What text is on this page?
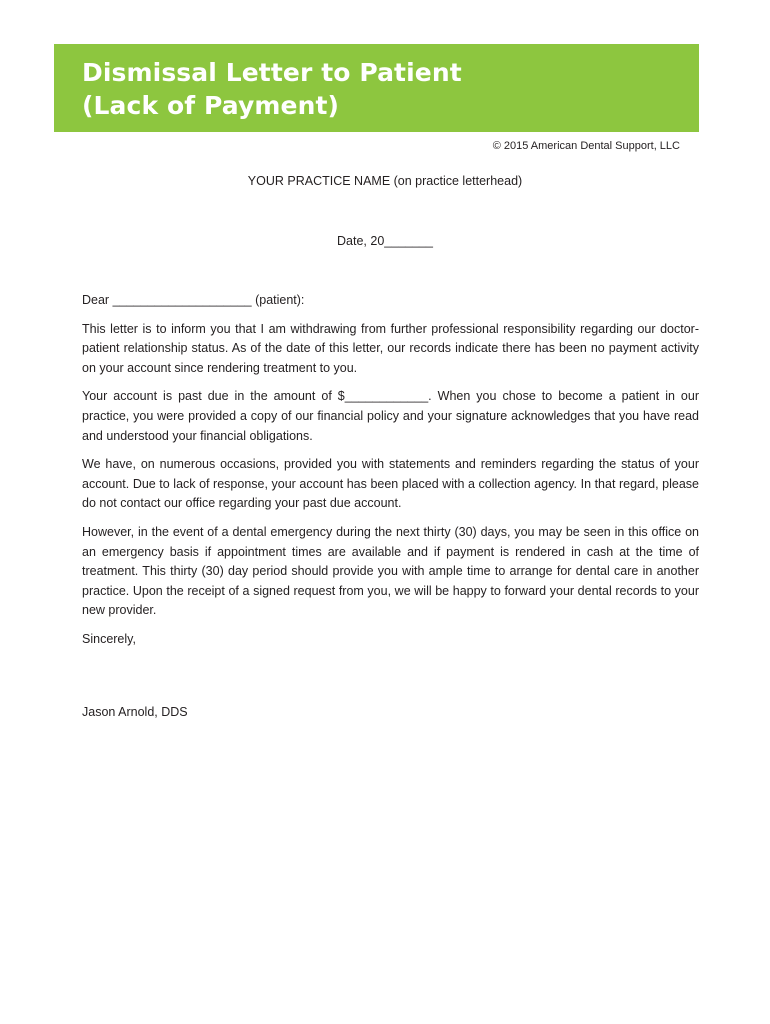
Dismissal Letter to Patient
(Lack of Payment)
© 2015 American Dental Support, LLC
YOUR PRACTICE NAME (on practice letterhead)
Date, 20_______

Dear ____________________ (patient):

This letter is to inform you that I am withdrawing from further professional responsibility regarding our doctor-patient relationship status. As of the date of this letter, our records indicate there has been no payment activity on your account since rendering treatment to you.

Your account is past due in the amount of $____________. When you chose to become a patient in our practice, you were provided a copy of our financial policy and your signature acknowledges that you have read and understood your financial obligations.

We have, on numerous occasions, provided you with statements and reminders regarding the status of your account. Due to lack of response, your account has been placed with a collection agency. In that regard, please do not contact our office regarding your past due account.

However, in the event of a dental emergency during the next thirty (30) days, you may be seen in this office on an emergency basis if appointment times are available and if payment is rendered in cash at the time of treatment. This thirty (30) day period should provide you with ample time to arrange for dental care in another practice. Upon the receipt of a signed request from you, we will be happy to forward your dental records to your new provider.

Sincerely,

Jason Arnold, DDS
